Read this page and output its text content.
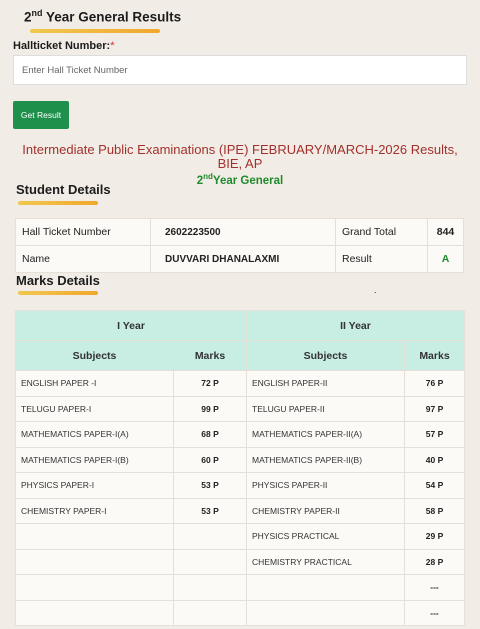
2nd Year General Results
Hallticket Number:*
Enter Hall Ticket Number
Get Result
Intermediate Public Examinations (IPE) FEBRUARY/MARCH-2026 Results, BIE, AP
2ndYear General
Student Details
Hall Ticket Number	2602223500	Grand Total	844
Name	DUVVARI DHANALAXMI	Result	A
Marks Details
.
I Year		II Year	
Subjects	Marks	Subjects	Marks
ENGLISH PAPER -I	72 P	ENGLISH PAPER-II	76 P
TELUGU PAPER-I	99 P	TELUGU PAPER-II	97 P
MATHEMATICS PAPER-I(A)	68 P	MATHEMATICS PAPER-II(A)	57 P
MATHEMATICS PAPER-I(B)	60 P	MATHEMATICS PAPER-II(B)	40 P
PHYSICS PAPER-I	53 P	PHYSICS PAPER-II	54 P
CHEMISTRY PAPER-I	53 P	CHEMISTRY PAPER-II	58 P
		PHYSICS PRACTICAL	29 P
		CHEMISTRY PRACTICAL	28 P
			---
			---
